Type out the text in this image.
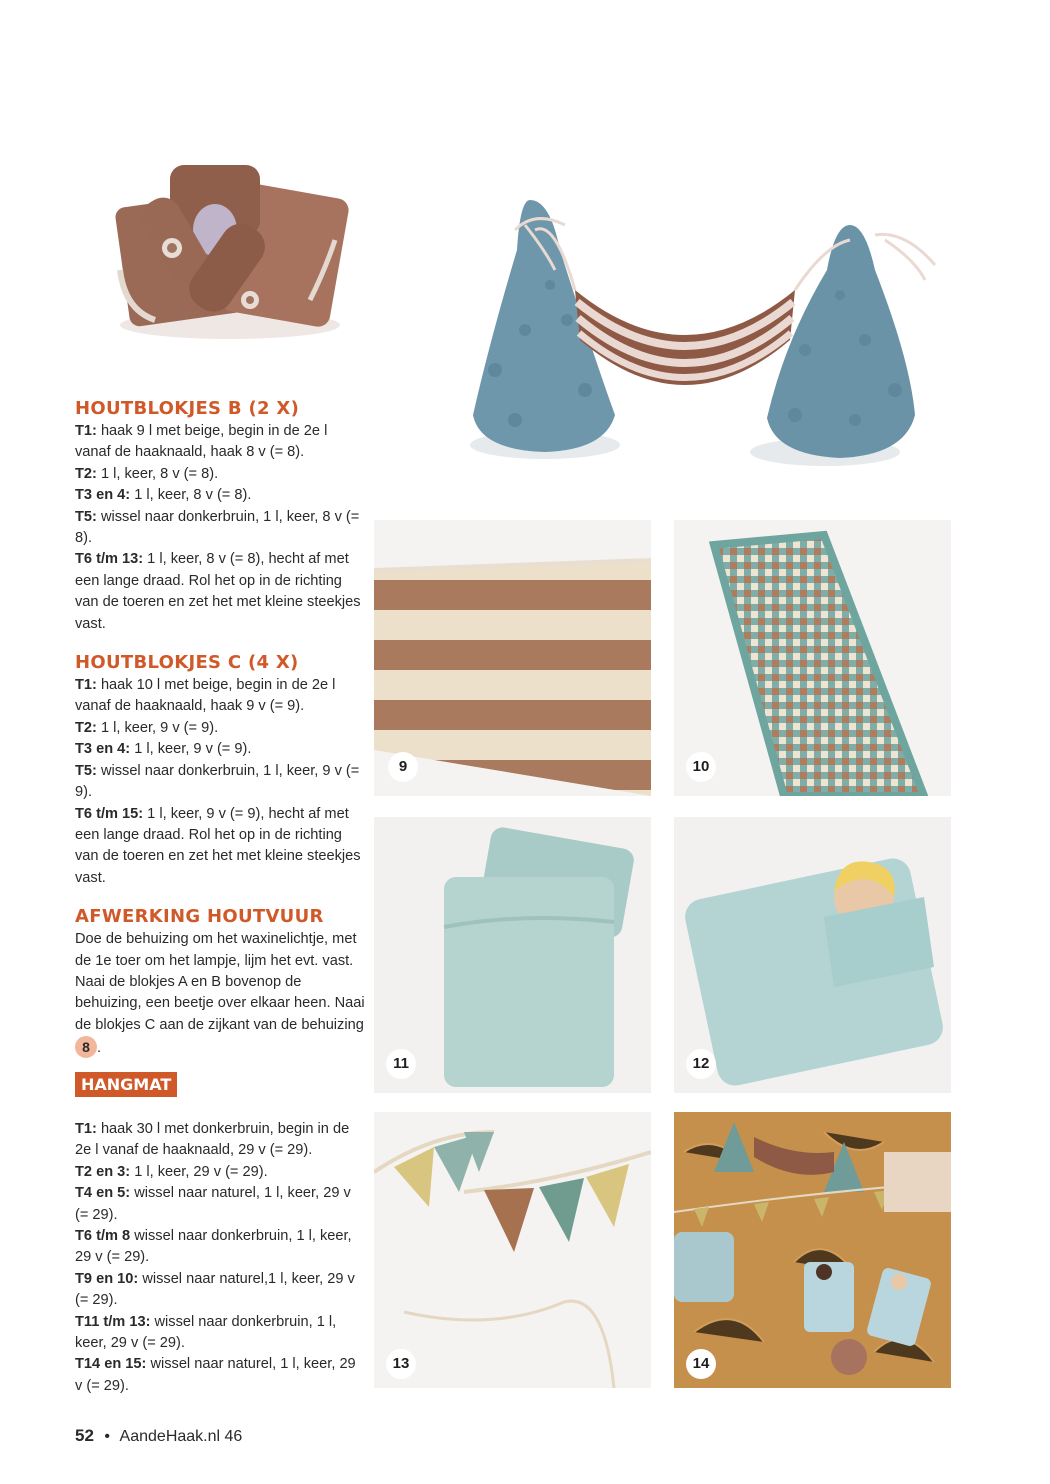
HOUTBLOKJES B (2 X)

T1: haak 9 l met beige, begin in de 2e l vanaf de haaknaald, haak 8 v (= 8).

T2: 1 l, keer, 8 v (= 8).

T3 en 4: 1 l, keer, 8 v (= 8).

T5: wissel naar donkerbruin, 1 l, keer, 8 v (= 8).

T6 t/m 13: 1 l, keer, 8 v (= 8), hecht af met een lange draad. Rol het op in de richting van de toeren en zet het met kleine steekjes vast.

HOUTBLOKJES C (4 X)

T1: haak 10 l met beige, begin in de 2e l vanaf de haaknaald, haak 9 v (= 9).

T2: 1 l, keer, 9 v (= 9).

T3 en 4: 1 l, keer, 9 v (= 9).

T5: wissel naar donkerbruin, 1 l, keer, 9 v (= 9).

T6 t/m 15: 1 l, keer, 9 v (= 9), hecht af met een lange draad. Rol het op in de richting van de toeren en zet het met kleine steekjes vast.

AFWERKING HOUTVUUR

Doe de behuizing om het waxinelichtje, met de 1e toer om het lampje, lijm het evt. vast. Naai de blokjes A en B bovenop de behuizing, een beetje over elkaar heen. Naai de blokjes C aan de zijkant van de behuizing 8 .

HANGMAT

T1: haak 30 l met donkerbruin, begin in de 2e l vanaf de haaknaald, 29 v (= 29).

T2 en 3: 1 l, keer, 29 v (= 29).

T4 en 5: wissel naar naturel, 1 l, keer, 29 v (= 29).

T6 t/m 8 wissel naar donkerbruin, 1 l, keer, 29 v (= 29).

T9 en 10: wissel naar naturel,1 l, keer, 29 v (= 29).

T11 t/m 13: wissel naar donkerbruin, 1 l, keer, 29 v (= 29).

T14 en 15: wissel naar naturel, 1 l, keer, 29 v (= 29).

9	10
11	12
13	14
52 • AandeHaak.nl 46
